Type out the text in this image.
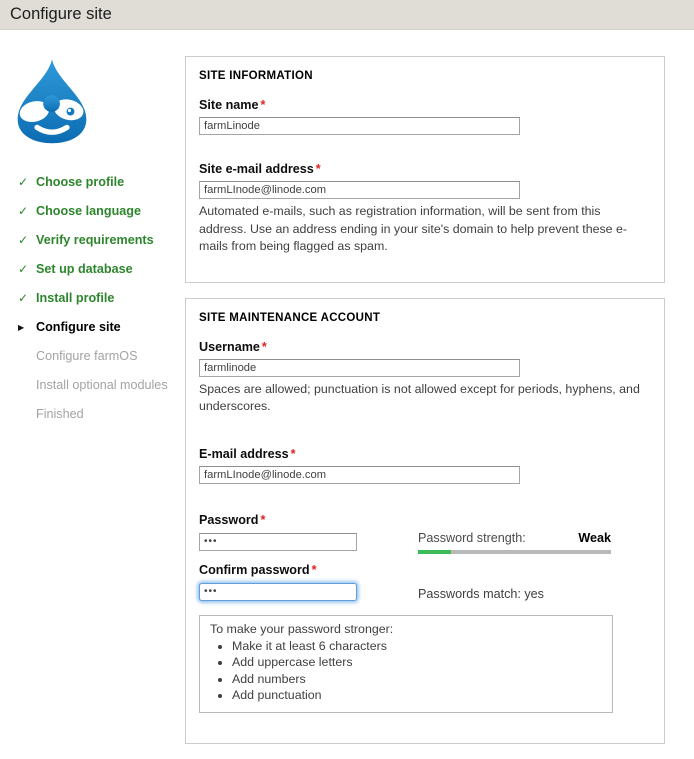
Configure site
✓ Choose profile
✓ Choose language
✓ Verify requirements
✓ Set up database
✓ Install profile
▶ Configure site
Configure farmOS
Install optional modules
Finished
SITE INFORMATION
Site name *
farmLinode
Site e-mail address *
farmLInode@linode.com
Automated e-mails, such as registration information, will be sent from this address. Use an address ending in your site's domain to help prevent these e-mails from being flagged as spam.
SITE MAINTENANCE ACCOUNT
Username *
farmlinode
Spaces are allowed; punctuation is not allowed except for periods, hyphens, and underscores.
E-mail address *
farmLInode@linode.com
Password *
•••
Password strength:	Weak
Confirm password *
•••
Passwords match: yes
To make your password stronger:
• Make it at least 6 characters
• Add uppercase letters
• Add numbers
• Add punctuation
